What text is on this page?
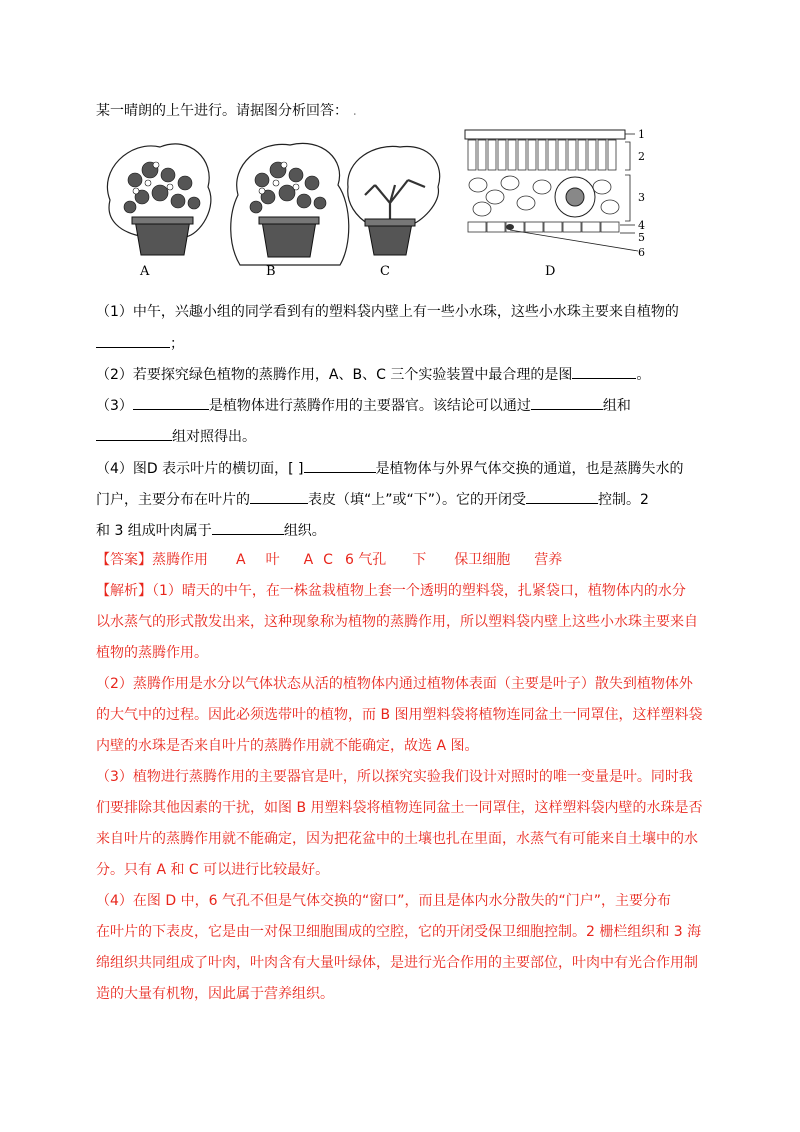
某一晴朗的上午进行。请据图分析回答： .
1
2
3
4
5
6
A	B	C	D
（1）中午，兴趣小组的同学看到有的塑料袋内壁上有一些小水珠，这些小水珠主要来自植物的
；
（2）若要探究绿色植物的蒸腾作用，A、B、C 三个实验装置中最合理的是图	。
（3）	是植物体进行蒸腾作用的主要器官。该结论可以通过	组和
组对照得出。
（4）图D 表示叶片的横切面，[ ]	是植物体与外界气体交换的通道，也是蒸腾失水的
门户，主要分布在叶片的	表皮（填“上”或“下”）。它的开闭受	控制。2
和 3 组成叶肉属于	组织。
【答案】蒸腾作用 A 叶 A C 6 气孔 下 保卫细胞 营养
【解析】（1）晴天的中午，在一株盆栽植物上套一个透明的塑料袋，扎紧袋口，植物体内的水分
以水蒸气的形式散发出来，这种现象称为植物的蒸腾作用，所以塑料袋内壁上这些小水珠主要来自
植物的蒸腾作用。
（2）蒸腾作用是水分以气体状态从活的植物体内通过植物体表面（主要是叶子）散失到植物体外
的大气中的过程。因此必须选带叶的植物，而 B 图用塑料袋将植物连同盆土一同罩住，这样塑料袋
内壁的水珠是否来自叶片的蒸腾作用就不能确定，故选 A 图。
（3）植物进行蒸腾作用的主要器官是叶，所以探究实验我们设计对照时的唯一变量是叶。同时我
们要排除其他因素的干扰，如图 B 用塑料袋将植物连同盆土一同罩住，这样塑料袋内壁的水珠是否
来自叶片的蒸腾作用就不能确定，因为把花盆中的土壤也扎在里面，水蒸气有可能来自土壤中的水
分。只有 A 和 C 可以进行比较最好。
（4）在图 D 中，6 气孔不但是气体交换的“窗口”，而且是体内水分散失的“门户”，主要分布
在叶片的下表皮，它是由一对保卫细胞围成的空腔，它的开闭受保卫细胞控制。2 栅栏组织和 3 海
绵组织共同组成了叶肉，叶肉含有大量叶绿体，是进行光合作用的主要部位，叶肉中有光合作用制
造的大量有机物，因此属于营养组织。
